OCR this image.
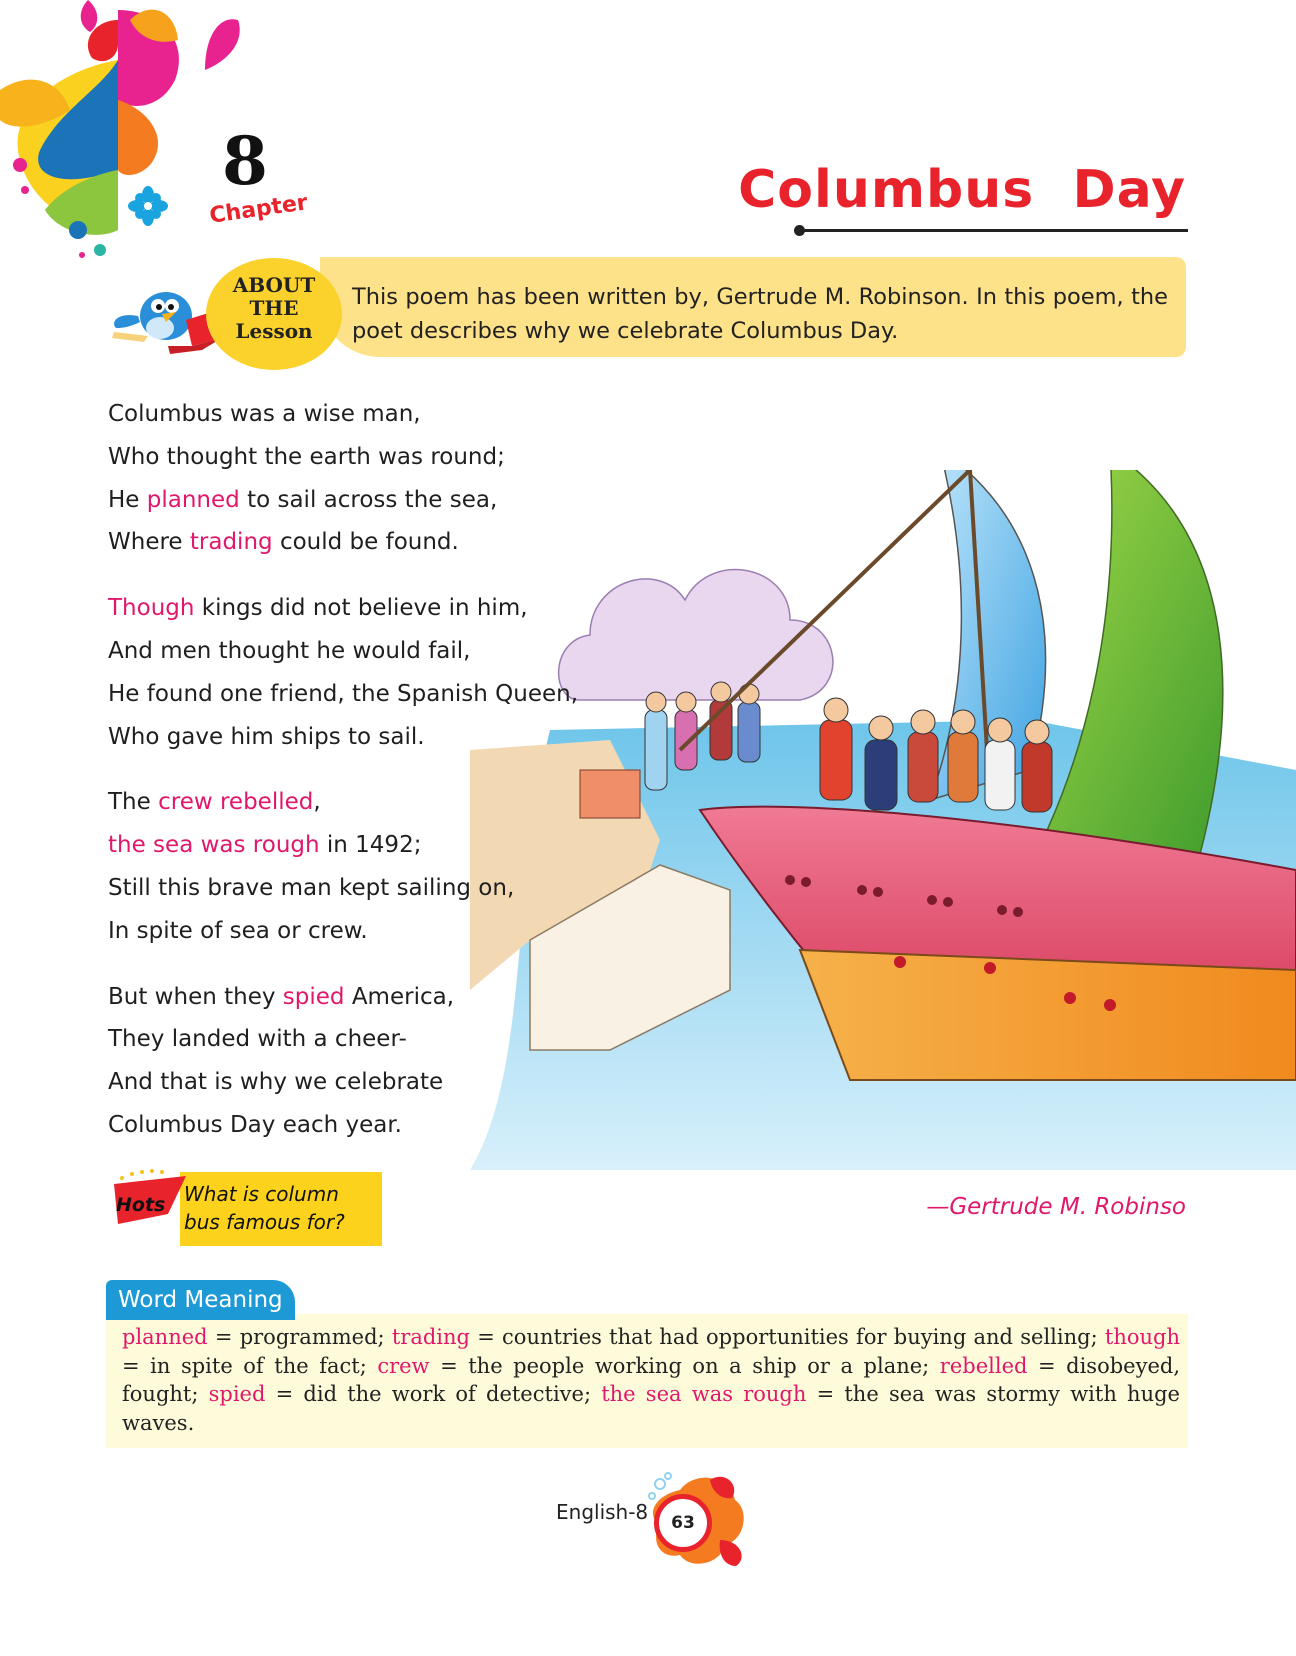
8
Chapter	Columbus  Day
ABOUT
THE
Lesson
This poem has been written by, Gertrude M. Robinson. In this poem, the poet describes why we celebrate Columbus Day.
Columbus was a wise man,
Who thought the earth was round;
He planned to sail across the sea,
Where trading could be found.
Though kings did not believe in him,
And men thought he would fail,
He found one friend, the Spanish Queen,
Who gave him ships to sail.
The crew rebelled,
the sea was rough in 1492;
Still this brave man kept sailing on,
In spite of sea or crew.
But when they spied America,
They landed with a cheer-
And that is why we celebrate
Columbus Day each year.
—Gertrude M. Robinso
Hots What is column bus famous for?
Word Meaning
planned = programmed; trading = countries that had opportunities for buying and selling; though = in spite of the fact; crew = the people working on a ship or a plane; rebelled = disobeyed, fought; spied = did the work of detective; the sea was rough = the sea was stormy with huge waves.
English-8	63
